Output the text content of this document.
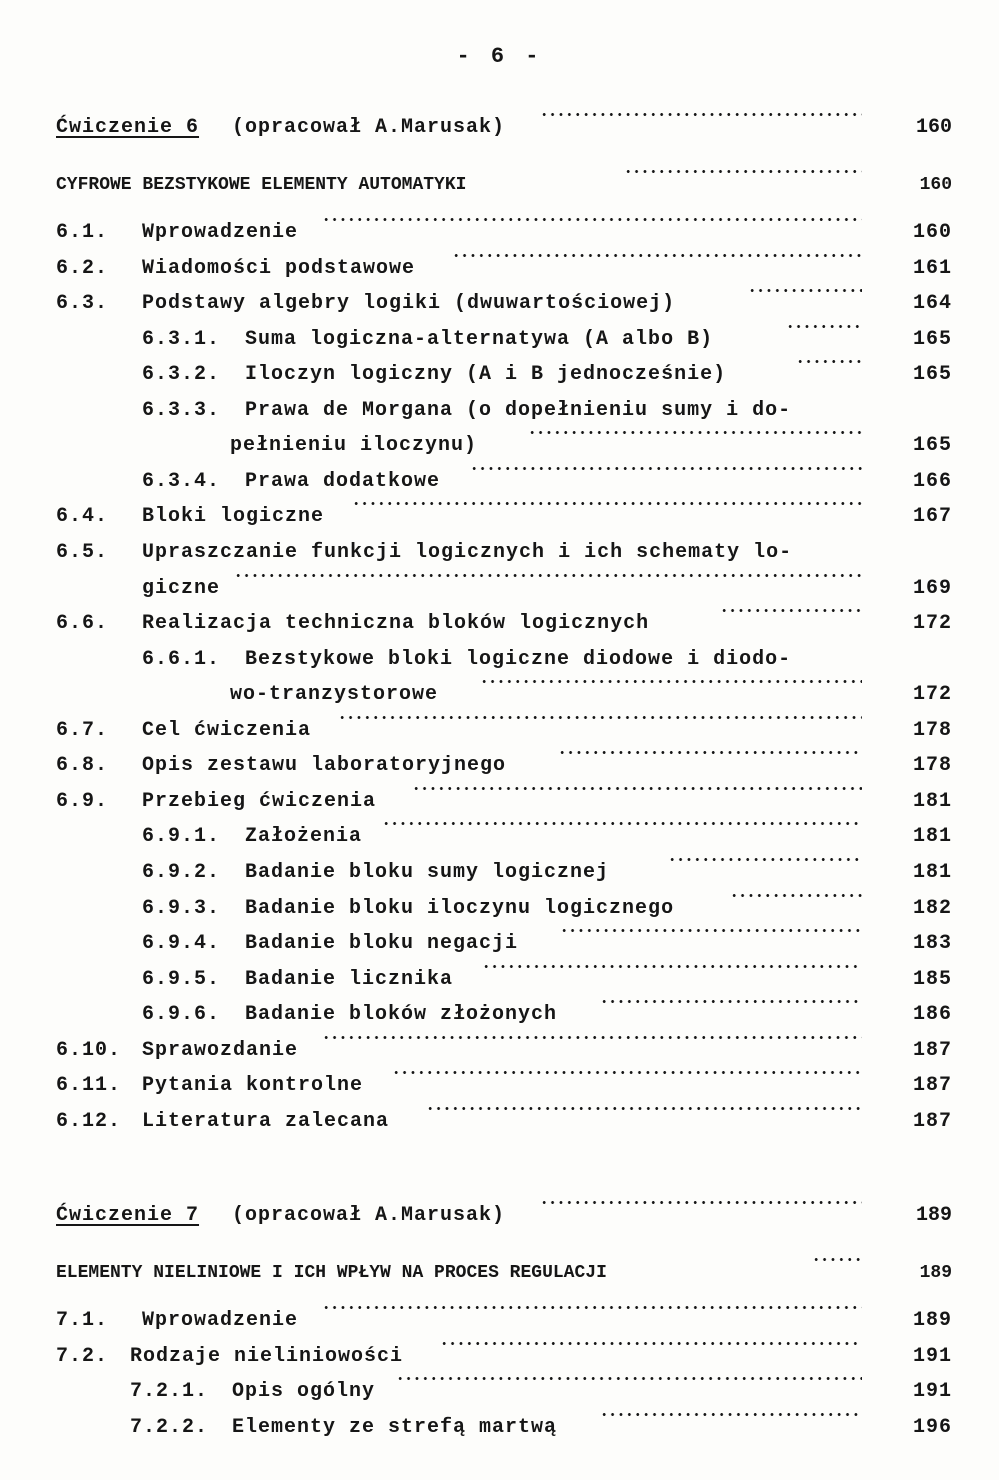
- 6 -
Ćwiczenie 6 (opracował A.Marusak)	160
CYFROWE BEZSTYKOWE ELEMENTY AUTOMATYKI	160
6.1. Wprowadzenie	160
6.2. Wiadomości podstawowe	161
6.3. Podstawy algebry logiki (dwuwartościowej)	164
6.3.1. Suma logiczna-alternatywa (A albo B)	165
6.3.2. Iloczyn logiczny (A i B jednocześnie)	165
6.3.3. Prawa de Morgana (o dopełnieniu sumy i do-
pełnieniu iloczynu)	165
6.3.4. Prawa dodatkowe	166
6.4. Bloki logiczne	167
6.5. Upraszczanie funkcji logicznych i ich schematy lo-
giczne	169
6.6. Realizacja techniczna bloków logicznych	172
6.6.1. Bezstykowe bloki logiczne diodowe i diodo-
wo-tranzystorowe	172
6.7. Cel ćwiczenia	178
6.8. Opis zestawu laboratoryjnego	178
6.9. Przebieg ćwiczenia	181
6.9.1. Założenia	181
6.9.2. Badanie bloku sumy logicznej	181
6.9.3. Badanie bloku iloczynu logicznego	182
6.9.4. Badanie bloku negacji	183
6.9.5. Badanie licznika	185
6.9.6. Badanie bloków złożonych	186
6.10. Sprawozdanie	187
6.11. Pytania kontrolne	187
6.12. Literatura zalecana	187
Ćwiczenie 7 (opracował A.Marusak)	189
ELEMENTY NIELINIOWE I ICH WPŁYW NA PROCES REGULACJI	189
7.1. Wprowadzenie	189
7.2. Rodzaje nieliniowości	191
7.2.1. Opis ogólny	191
7.2.2. Elementy ze strefą martwą	196
